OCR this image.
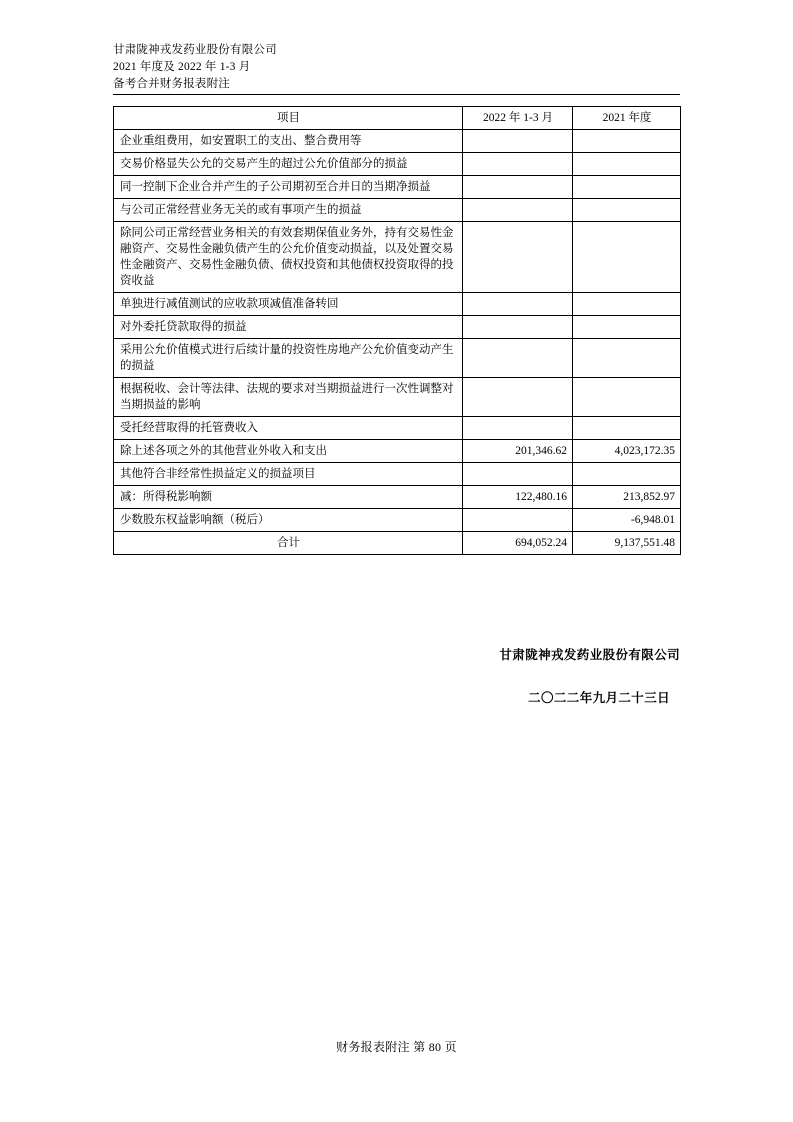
甘肃陇神戎发药业股份有限公司
2021 年度及 2022 年 1-3 月
备考合并财务报表附注
项目	2022 年 1-3 月	2021 年度
企业重组费用，如安置职工的支出、整合费用等		
交易价格显失公允的交易产生的超过公允价值部分的损益		
同一控制下企业合并产生的子公司期初至合并日的当期净损益		
与公司正常经营业务无关的或有事项产生的损益		
除同公司正常经营业务相关的有效套期保值业务外，持有交易性金融资产、交易性金融负债产生的公允价值变动损益，以及处置交易性金融资产、交易性金融负债、债权投资和其他债权投资取得的投资收益		
单独进行减值测试的应收款项减值准备转回		
对外委托贷款取得的损益		
采用公允价值模式进行后续计量的投资性房地产公允价值变动产生的损益		
根据税收、会计等法律、法规的要求对当期损益进行一次性调整对当期损益的影响		
受托经营取得的托管费收入		
除上述各项之外的其他营业外收入和支出	201,346.62	4,023,172.35
其他符合非经常性损益定义的损益项目		
减：所得税影响额	122,480.16	213,852.97
少数股东权益影响额（税后）		-6,948.01
合计	694,052.24	9,137,551.48
甘肃陇神戎发药业股份有限公司
二〇二二年九月二十三日
财务报表附注 第 80 页
